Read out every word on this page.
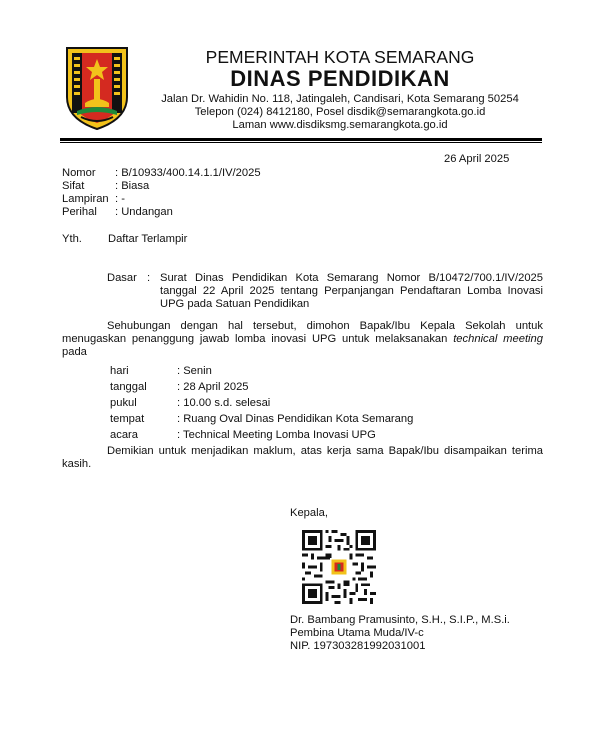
PEMERINTAH KOTA SEMARANG
DINAS PENDIDIKAN
Jalan Dr. Wahidin No. 118, Jatingaleh, Candisari, Kota Semarang 50254
Telepon (024) 8412180, Posel disdik@semarangkota.go.id
Laman www.disdiksmg.semarangkota.go.id
26 April 2025
Nomor : B/10933/400.14.1.1/IV/2025
Sifat	: Biasa
Lampiran : -
Perihal : Undangan
Yth. Daftar Terlampir
Dasar : Surat Dinas Pendidikan Kota Semarang Nomor B/10472/700.1/IV/2025 tanggal 22 April 2025 tentang Perpanjangan Pendaftaran Lomba Inovasi UPG pada Satuan Pendidikan
Sehubungan dengan hal tersebut, dimohon Bapak/Ibu Kepala Sekolah untuk menugaskan penanggung jawab lomba inovasi UPG untuk melaksanakan technical meeting pada
hari	: Senin
tanggal	: 28 April 2025
pukul	: 10.00 s.d. selesai
tempat	: Ruang Oval Dinas Pendidikan Kota Semarang
acara	: Technical Meeting Lomba Inovasi UPG
Demikian untuk menjadikan maklum, atas kerja sama Bapak/Ibu disampaikan terima kasih.
Kepala,
Dr. Bambang Pramusinto, S.H., S.I.P., M.S.i.
Pembina Utama Muda/IV-c
NIP. 197303281992031001
